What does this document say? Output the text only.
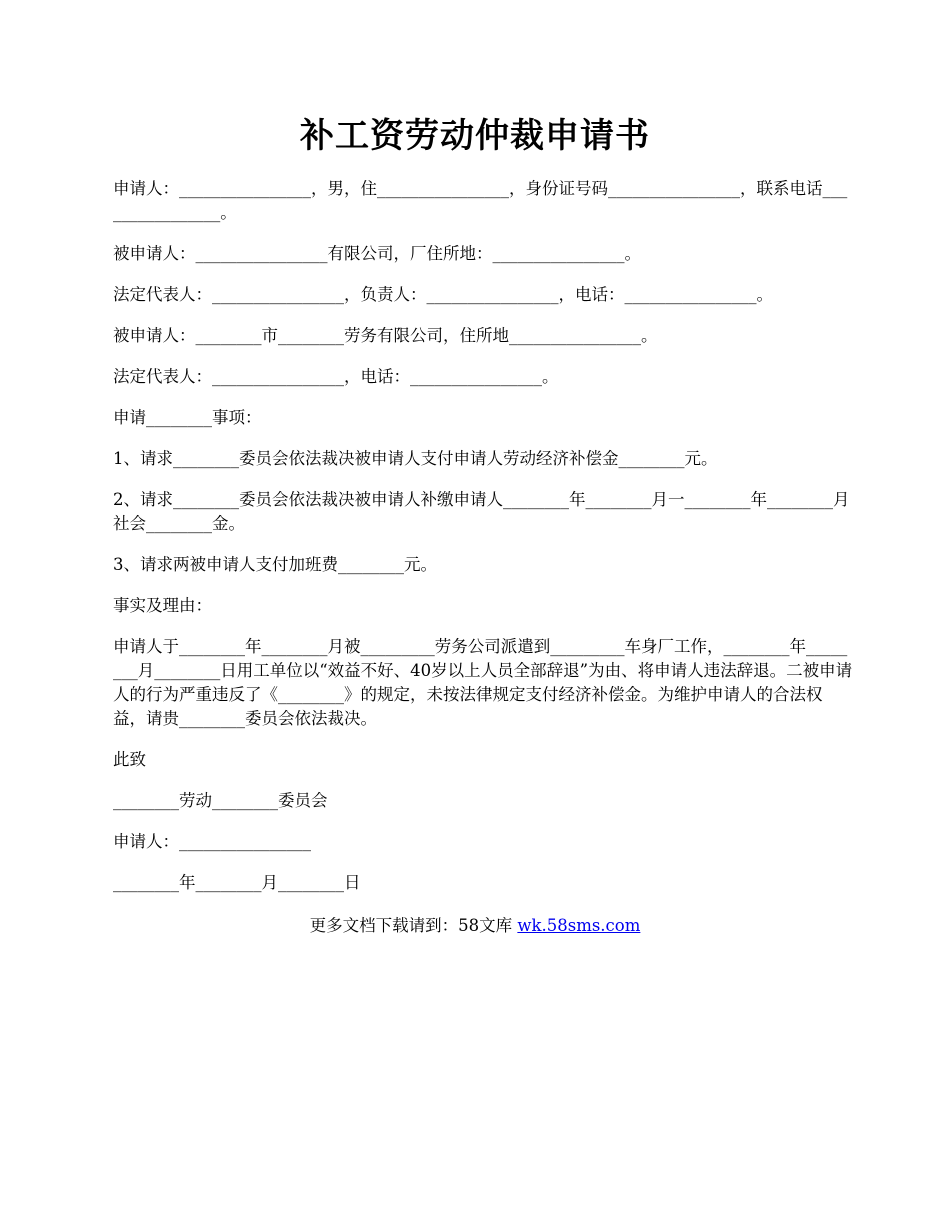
补工资劳动仲裁申请书

申请人：________________，男，住________________，身份证号码________________，联系电话________________。

被申请人：________________有限公司，厂住所地：________________。

法定代表人：________________，负责人：________________，电话：________________。

被申请人：________市________劳务有限公司，住所地________________。

法定代表人：________________，电话：________________。

申请________事项：

1、请求________委员会依法裁决被申请人支付申请人劳动经济补偿金________元。

2、请求________委员会依法裁决被申请人补缴申请人________年________月一________年________月社会________金。

3、请求两被申请人支付加班费________元。

事实及理由：

申请人于________年________月被_________劳务公司派遣到_________车身厂工作，________年________月________日用工单位以“效益不好、40岁以上人员全部辞退”为由、将申请人违法辞退。二被申请人的行为严重违反了《________》的规定，未按法律规定支付经济补偿金。为维护申请人的合法权益，请贵________委员会依法裁决。

此致

________劳动________委员会

申请人：________________

________年________月________日

更多文档下载请到：58文库 wk.58sms.com
